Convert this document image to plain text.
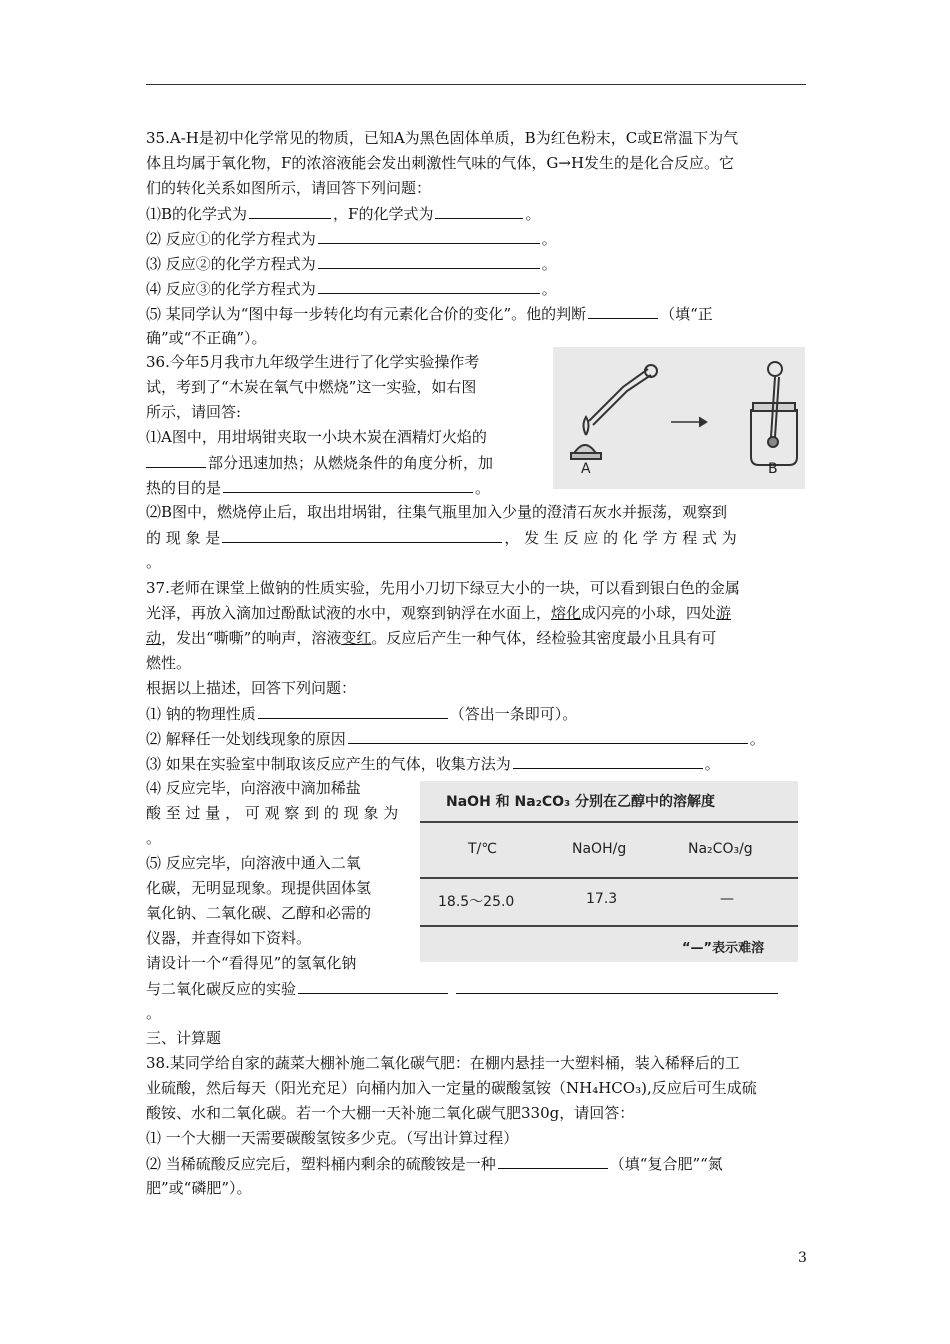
35.A-H是初中化学常见的物质，已知A为黑色固体单质，B为红色粉末，C或E常温下为气
体且均属于氧化物，F的浓溶液能会发出刺激性气味的气体，G→H发生的是化合反应。它
们的转化关系如图所示，请回答下列问题：
⑴B的化学式为	，F的化学式为	。
⑵ 反应①的化学方程式为	。
⑶ 反应②的化学方程式为	。
⑷ 反应③的化学方程式为	。
⑸ 某同学认为“图中每一步转化均有元素化合价的变化”。他的判断	（填“正
确”或“不正确”）。
36.今年5月我市九年级学生进行了化学实验操作考
试，考到了“木炭在氧气中燃烧”这一实验，如右图
所示，请回答:
⑴A图中，用坩埚钳夹取一小块木炭在酒精灯火焰的
部分迅速加热；从燃烧条件的角度分析，加
热的目的是	。
⑵B图中，燃烧停止后，取出坩埚钳，往集气瓶里加入少量的澄清石灰水并振荡，观察到
的 现 象 是	， 发 生 反 应 的 化 学 方 程 式 为
。
A	B
37.老师在课堂上做钠的性质实验，先用小刀切下绿豆大小的一块，可以看到银白色的金属
光泽，再放入滴加过酚酞试液的水中，观察到钠浮在水面上，熔化成闪亮的小球，四处游
动，发出“嘶嘶”的响声，溶液变红。反应后产生一种气体，经检验其密度最小且具有可
燃性。
根据以上描述，回答下列问题：
⑴ 钠的物理性质	（答出一条即可）。
⑵ 解释任一处划线现象的原因	。
⑶ 如果在实验室中制取该反应产生的气体，收集方法为	。
⑷ 反应完毕，向溶液中滴加稀盐
酸 至 过 量 ， 可 观 察 到 的 现 象 为
。
⑸ 反应完毕，向溶液中通入二氧
化碳，无明显现象。现提供固体氢
氧化钠、二氧化碳、乙醇和必需的
仪器，并查得如下资料。
请设计一个“看得见”的氢氧化钠
与二氧化碳反应的实验
。
NaOH 和 Na₂CO₃ 分别在乙醇中的溶解度
T/℃	NaOH/g	Na₂CO₃/g
18.5～25.0	17.3	—
“—”表示难溶
三、计算题
38.某同学给自家的蔬菜大棚补施二氧化碳气肥：在棚内悬挂一大塑料桶，装入稀释后的工
业硫酸，然后每天（阳光充足）向桶内加入一定量的碳酸氢铵（NH₄HCO₃),反应后可生成硫
酸铵、水和二氧化碳。若一个大棚一天补施二氧化碳气肥330g，请回答：
⑴ 一个大棚一天需要碳酸氢铵多少克。（写出计算过程）
⑵ 当稀硫酸反应完后，塑料桶内剩余的硫酸铵是一种	（填“复合肥”“氮
肥”或“磷肥”）。
3
